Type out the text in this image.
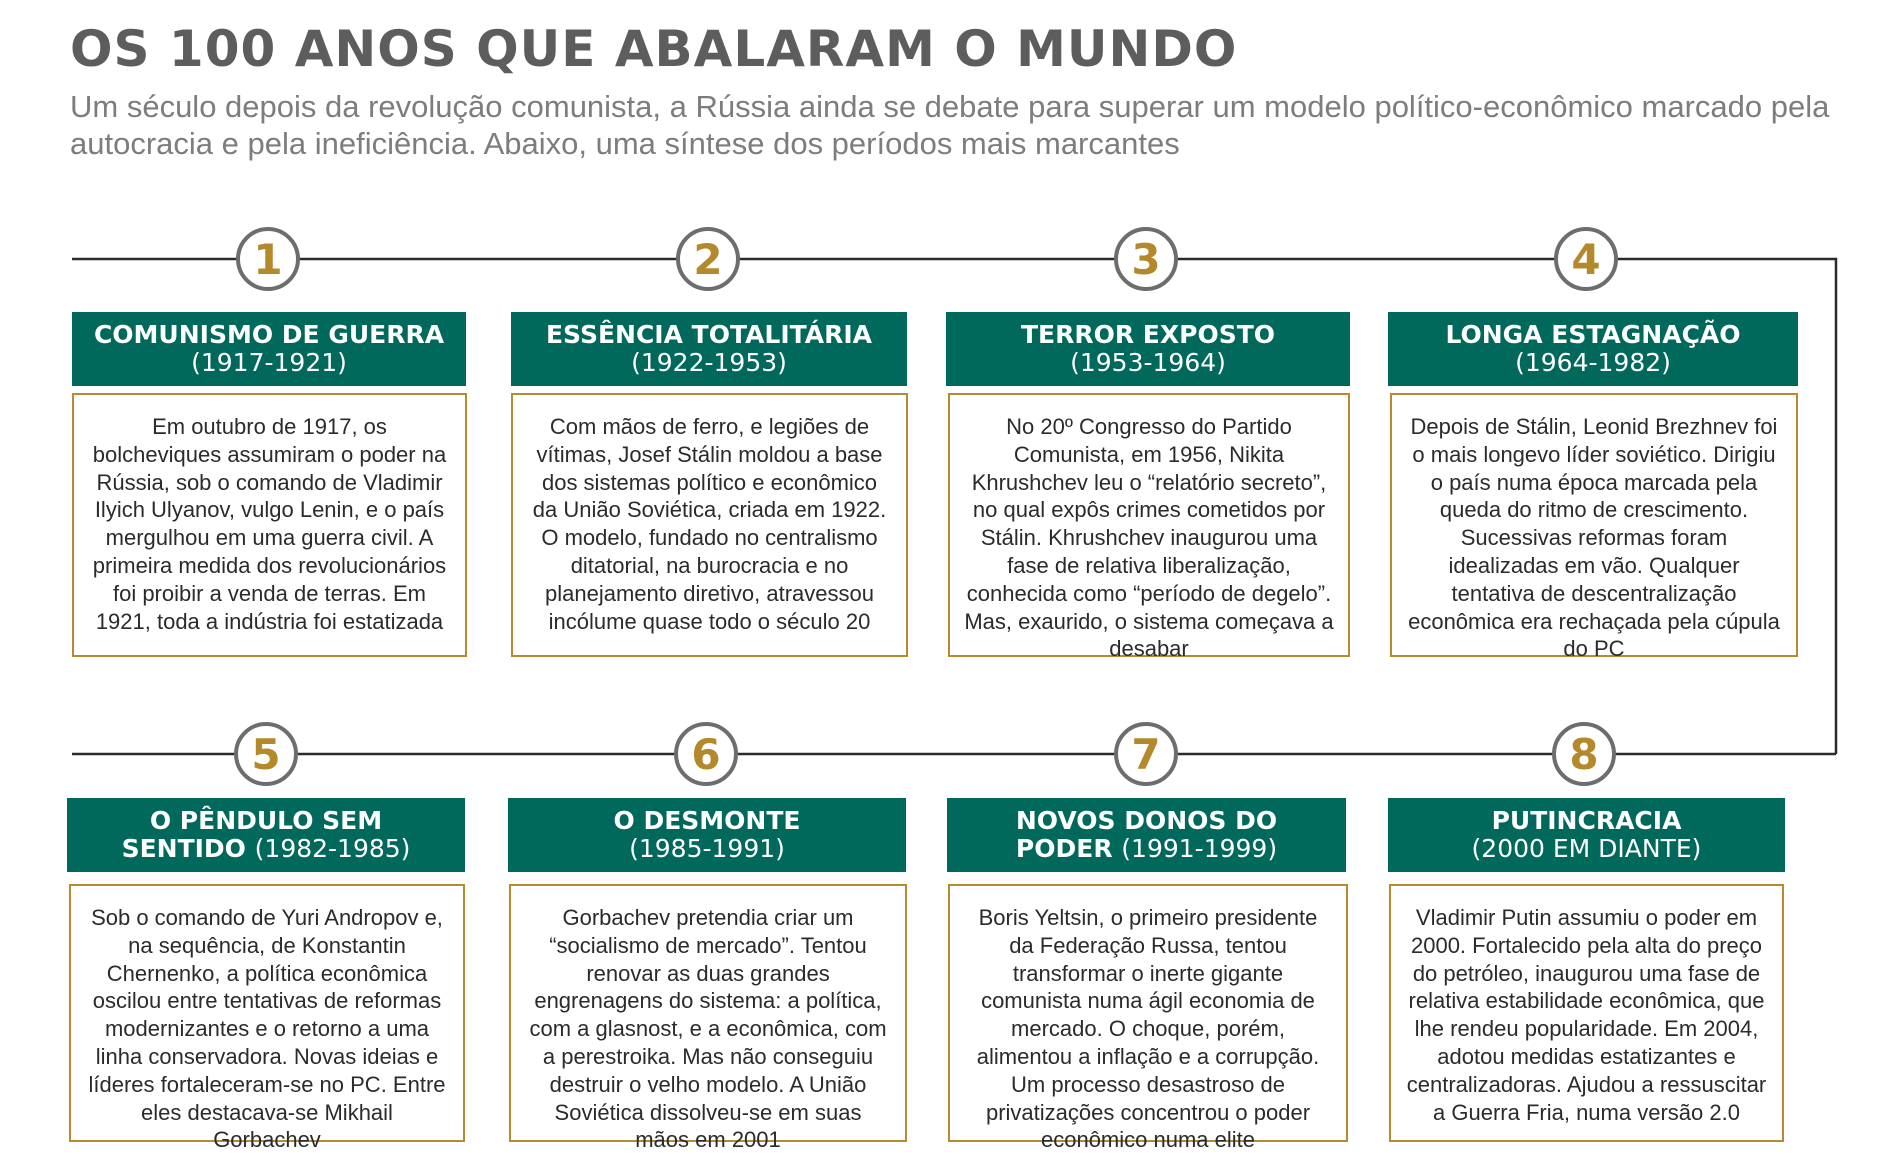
OS 100 ANOS QUE ABALARAM O MUNDO

Um século depois da revolução comunista, a Rússia ainda se debate para superar um modelo político-econômico marcado pela autocracia e pela ineficiência. Abaixo, uma síntese dos períodos mais marcantes

1
COMUNISMO DE GUERRA
(1917-1921)

Em outubro de 1917, os bolcheviques assumiram o poder na Rússia, sob o comando de Vladimir Ilyich Ulyanov, vulgo Lenin, e o país mergulhou em uma guerra civil. A primeira medida dos revolucionários foi proibir a venda de terras. Em 1921, toda a indústria foi estatizada

2
ESSÊNCIA TOTALITÁRIA
(1922-1953)

Com mãos de ferro, e legiões de vítimas, Josef Stálin moldou a base dos sistemas político e econômico da União Soviética, criada em 1922. O modelo, fundado no centralismo ditatorial, na burocracia e no planejamento diretivo, atravessou incólume quase todo o século 20

3
TERROR EXPOSTO
(1953-1964)

No 20º Congresso do Partido Comunista, em 1956, Nikita Khrushchev leu o “relatório secreto”, no qual expôs crimes cometidos por Stálin. Khrushchev inaugurou uma fase de relativa liberalização, conhecida como “período de degelo”. Mas, exaurido, o sistema começava a desabar

4
LONGA ESTAGNAÇÃO
(1964-1982)

Depois de Stálin, Leonid Brezhnev foi o mais longevo líder soviético. Dirigiu o país numa época marcada pela queda do ritmo de crescimento. Sucessivas reformas foram idealizadas em vão. Qualquer tentativa de descentralização econômica era rechaçada pela cúpula do PC

5
O PÊNDULO SEM
SENTIDO (1982-1985)

Sob o comando de Yuri Andropov e, na sequência, de Konstantin Chernenko, a política econômica oscilou entre tentativas de reformas modernizantes e o retorno a uma linha conservadora. Novas ideias e líderes fortaleceram-se no PC. Entre eles destacava-se Mikhail Gorbachev

6
O DESMONTE
(1985-1991)

Gorbachev pretendia criar um “socialismo de mercado”. Tentou renovar as duas grandes engrenagens do sistema: a política, com a glasnost, e a econômica, com a perestroika. Mas não conseguiu destruir o velho modelo. A União Soviética dissolveu-se em suas mãos em 2001

7
NOVOS DONOS DO
PODER (1991-1999)

Boris Yeltsin, o primeiro presidente da Federação Russa, tentou transformar o inerte gigante comunista numa ágil economia de mercado. O choque, porém, alimentou a inflação e a corrupção. Um processo desastroso de privatizações concentrou o poder econômico numa elite

8
PUTINCRACIA
(2000 EM DIANTE)

Vladimir Putin assumiu o poder em 2000. Fortalecido pela alta do preço do petróleo, inaugurou uma fase de relativa estabilidade econômica, que lhe rendeu popularidade. Em 2004, adotou medidas estatizantes e centralizadoras. Ajudou a ressuscitar a Guerra Fria, numa versão 2.0
